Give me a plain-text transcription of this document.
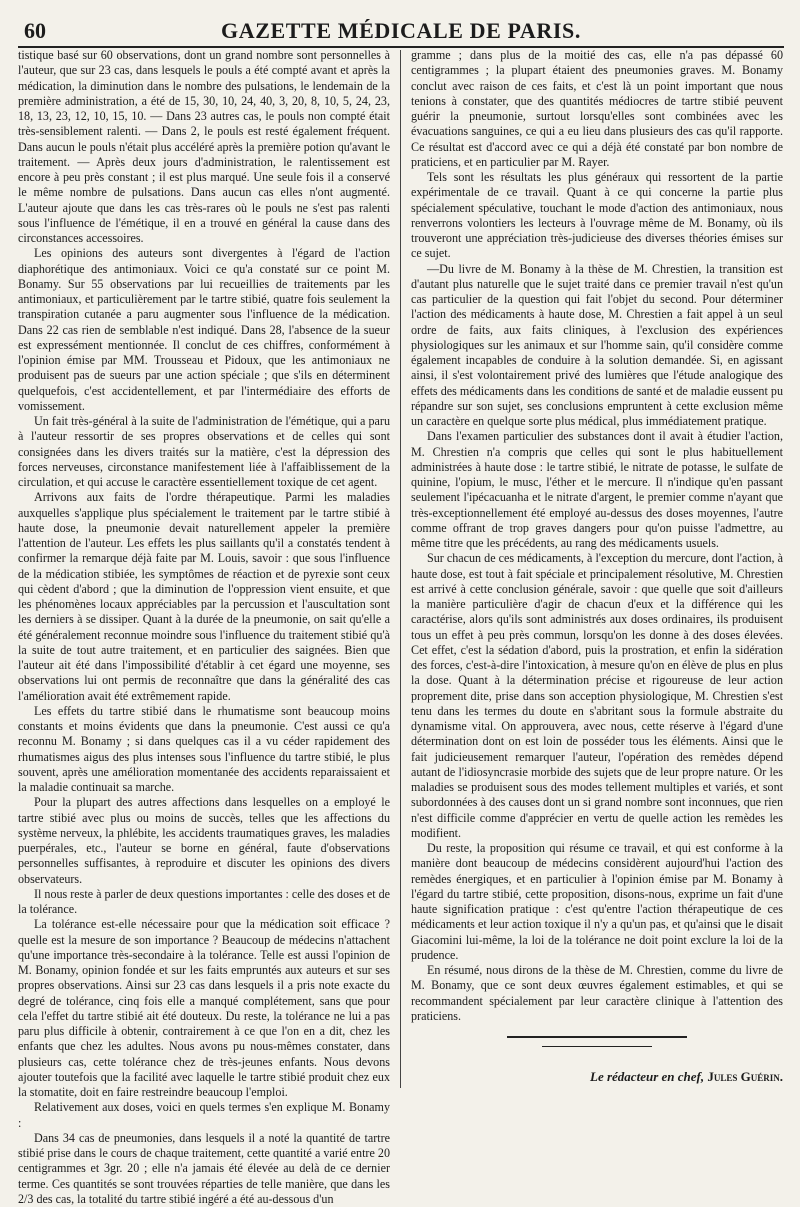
60	GAZETTE MÉDICALE DE PARIS.

tistique basé sur 60 observations, dont un grand nombre sont personnelles à l'auteur, que sur 23 cas, dans lesquels le pouls a été compté avant et après la médication, la diminution dans le nombre des pulsations, le lendemain de la première administration, a été de 15, 30, 10, 24, 40, 3, 20, 8, 10, 5, 24, 23, 18, 13, 23, 12, 10, 15, 10. — Dans 23 autres cas, le pouls non compté était très-sensiblement ralenti. — Dans 2, le pouls est resté également fréquent. Dans aucun le pouls n'était plus accéléré après la première potion qu'avant le traitement. — Après deux jours d'administration, le ralentissement est encore à peu près constant ; il est plus marqué. Une seule fois il a conservé le même nombre de pulsations. Dans aucun cas elles n'ont augmenté. L'auteur ajoute que dans les cas très-rares où le pouls ne s'est pas ralenti sous l'influence de l'émétique, il en a trouvé en général la cause dans des circonstances accessoires.

Les opinions des auteurs sont divergentes à l'égard de l'action diaphorétique des antimoniaux. Voici ce qu'a constaté sur ce point M. Bonamy. Sur 55 observations par lui recueillies de traitements par les antimoniaux, et particulièrement par le tartre stibié, quatre fois seulement la transpiration cutanée a paru augmenter sous l'influence de la médication. Dans 22 cas rien de semblable n'est indiqué. Dans 28, l'absence de la sueur est expressément mentionnée. Il conclut de ces chiffres, conformément à l'opinion émise par MM. Trousseau et Pidoux, que les antimoniaux ne produisent pas de sueurs par une action spéciale ; que s'ils en déterminent quelquefois, c'est accidentellement, et par l'intermédiaire des efforts de vomissement.

Un fait très-général à la suite de l'administration de l'émétique, qui a paru à l'auteur ressortir de ses propres observations et de celles qui sont consignées dans les divers traités sur la matière, c'est la dépression des forces nerveuses, circonstance manifestement liée à l'affaiblissement de la circulation, et qui accuse le caractère essentiellement toxique de cet agent.

Arrivons aux faits de l'ordre thérapeutique. Parmi les maladies auxquelles s'applique plus spécialement le traitement par le tartre stibié à haute dose, la pneumonie devait naturellement appeler la première l'attention de l'auteur. Les effets les plus saillants qu'il a constatés tendent à confirmer la remarque déjà faite par M. Louis, savoir : que sous l'influence de la médication stibiée, les symptômes de réaction et de pyrexie sont ceux qui cèdent d'abord ; que la diminution de l'oppression vient ensuite, et que les phénomènes locaux appréciables par la percussion et l'auscultation sont les derniers à se dissiper. Quant à la durée de la pneumonie, on sait qu'elle a été généralement reconnue moindre sous l'influence du traitement stibié qu'à la suite de tout autre traitement, et en particulier des saignées. Bien que l'auteur ait été dans l'impossibilité d'établir à cet égard une moyenne, ses observations lui ont permis de reconnaître que dans la généralité des cas l'amélioration avait été extrêmement rapide.

Les effets du tartre stibié dans le rhumatisme sont beaucoup moins constants et moins évidents que dans la pneumonie. C'est aussi ce qu'a reconnu M. Bonamy ; si dans quelques cas il a vu céder rapidement des rhumatismes aigus des plus intenses sous l'influence du tartre stibié, le plus souvent, après une amélioration momentanée des accidents reparaissaient et la maladie continuait sa marche.

Pour la plupart des autres affections dans lesquelles on a employé le tartre stibié avec plus ou moins de succès, telles que les affections du système nerveux, la phlébite, les accidents traumatiques graves, les maladies puerpérales, etc., l'auteur se borne en général, faute d'observations personnelles suffisantes, à reproduire et discuter les opinions des divers observateurs.

Il nous reste à parler de deux questions importantes : celle des doses et de la tolérance.

La tolérance est-elle nécessaire pour que la médication soit efficace ? quelle est la mesure de son importance ? Beaucoup de médecins n'attachent qu'une importance très-secondaire à la tolérance. Telle est aussi l'opinion de M. Bonamy, opinion fondée et sur les faits empruntés aux auteurs et sur ses propres observations. Ainsi sur 23 cas dans lesquels il a pris note exacte du degré de tolérance, cinq fois elle a manqué complétement, sans que pour cela l'effet du tartre stibié ait été douteux. Du reste, la tolérance ne lui a pas paru plus difficile à obtenir, contrairement à ce que l'on en a dit, chez les enfants que chez les adultes. Nous avons pu nous-mêmes constater, dans plusieurs cas, cette tolérance chez de très-jeunes enfants. Nous devons ajouter toutefois que la facilité avec laquelle le tartre stibié produit chez eux la stomatite, doit en faire restreindre beaucoup l'emploi.

Relativement aux doses, voici en quels termes s'en explique M. Bonamy :

Dans 34 cas de pneumonies, dans lesquels il a noté la quantité de tartre stibié prise dans le cours de chaque traitement, cette quantité a varié entre 20 centigrammes et 3gr. 20 ; elle n'a jamais été élevée au delà de ce dernier terme. Ces quantités se sont trouvées réparties de telle manière, que dans les 2/3 des cas, la totalité du tartre stibié ingéré a été au-dessous d'un

gramme ; dans plus de la moitié des cas, elle n'a pas dépassé 60 centigrammes ; la plupart étaient des pneumonies graves. M. Bonamy conclut avec raison de ces faits, et c'est là un point important que nous tenions à constater, que des quantités médiocres de tartre stibié peuvent guérir la pneumonie, surtout lorsqu'elles sont combinées avec les évacuations sanguines, ce qui a eu lieu dans plusieurs des cas qu'il rapporte. Ce résultat est d'accord avec ce qui a déjà été constaté par bon nombre de praticiens, et en particulier par M. Rayer.

Tels sont les résultats les plus généraux qui ressortent de la partie expérimentale de ce travail. Quant à ce qui concerne la partie plus spécialement spéculative, touchant le mode d'action des antimoniaux, nous renverrons volontiers les lecteurs à l'ouvrage même de M. Bonamy, où ils trouveront une appréciation très-judicieuse des diverses théories émises sur ce sujet.

—Du livre de M. Bonamy à la thèse de M. Chrestien, la transition est d'autant plus naturelle que le sujet traité dans ce premier travail n'est qu'un cas particulier de la question qui fait l'objet du second. Pour déterminer l'action des médicaments à haute dose, M. Chrestien a fait appel à un seul ordre de faits, aux faits cliniques, à l'exclusion des expériences physiologiques sur les animaux et sur l'homme sain, qu'il considère comme également incapables de conduire à la solution demandée. Si, en agissant ainsi, il s'est volontairement privé des lumières que l'étude analogique des effets des médicaments dans les conditions de santé et de maladie eussent pu répandre sur son sujet, ses conclusions empruntent à cette exclusion même un caractère en quelque sorte plus médical, plus immédiatement pratique.

Dans l'examen particulier des substances dont il avait à étudier l'action, M. Chrestien n'a compris que celles qui sont le plus habituellement administrées à haute dose : le tartre stibié, le nitrate de potasse, le sulfate de quinine, l'opium, le musc, l'éther et le mercure. Il n'indique qu'en passant seulement l'ipécacuanha et le nitrate d'argent, le premier comme n'ayant que très-exceptionnellement été employé au-dessus des doses moyennes, l'autre comme offrant de trop graves dangers pour qu'on puisse l'admettre, au même titre que les précédents, au rang des médicaments usuels.

Sur chacun de ces médicaments, à l'exception du mercure, dont l'action, à haute dose, est tout à fait spéciale et principalement résolutive, M. Chrestien est arrivé à cette conclusion générale, savoir : que quelle que soit d'ailleurs la manière particulière d'agir de chacun d'eux et la différence qui les caractérise, alors qu'ils sont administrés aux doses ordinaires, ils produisent tous un effet à peu près commun, lorsqu'on les donne à des doses élevées. Cet effet, c'est la sédation d'abord, puis la prostration, et enfin la sidération des forces, c'est-à-dire l'intoxication, à mesure qu'on en élève de plus en plus la dose. Quant à la détermination précise et rigoureuse de leur action proprement dite, prise dans son acception physiologique, M. Chrestien s'est tenu dans les termes du doute en s'abritant sous la formule abstraite du dynamisme vital. On approuvera, avec nous, cette réserve à l'égard d'une détermination dont on est loin de posséder tous les éléments. Ainsi que le fait judicieusement remarquer l'auteur, l'opération des remèdes dépend autant de l'idiosyncrasie morbide des sujets que de leur propre nature. Or les maladies se produisent sous des modes tellement multiples et variés, et sont subordonnées à des causes dont un si grand nombre sont inconnues, que rien n'est difficile comme d'apprécier en vertu de quelle action les remèdes les modifient.

Du reste, la proposition qui résume ce travail, et qui est conforme à la manière dont beaucoup de médecins considèrent aujourd'hui l'action des remèdes énergiques, et en particulier à l'opinion émise par M. Bonamy à l'égard du tartre stibié, cette proposition, disons-nous, exprime un fait d'une haute signification pratique : c'est qu'entre l'action thérapeutique de ces médicaments et leur action toxique il n'y a qu'un pas, et qu'ainsi que le disait Giacomini lui-même, la loi de la tolérance ne doit point exclure la loi de la prudence.

En résumé, nous dirons de la thèse de M. Chrestien, comme du livre de M. Bonamy, que ce sont deux œuvres également estimables, et qui se recommandent spécialement par leur caractère clinique à l'attention des praticiens.

Le rédacteur en chef, Jules Guérin.
